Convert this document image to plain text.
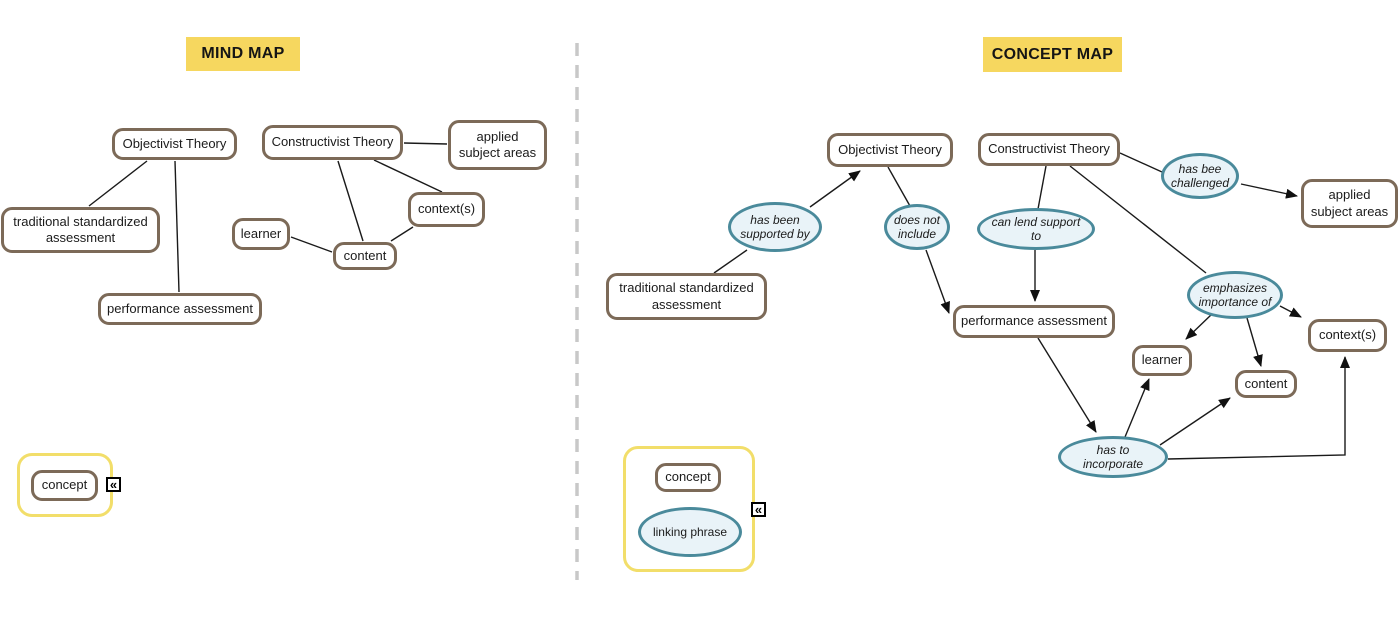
MIND MAP
Objectivist Theory	Constructivist Theory	applied subject areas
traditional standardized assessment	learner
context(s)
content
performance assessment
concept	«
CONCEPT MAP
Objectivist Theory	Constructivist Theory
applied subject areas
traditional standardized assessment
performance assessment
learner
content
context(s)
has been supported by
does not include
can lend support to
has bee challenged
emphasizes importance of
has to incorporate
concept
linking phrase
«
